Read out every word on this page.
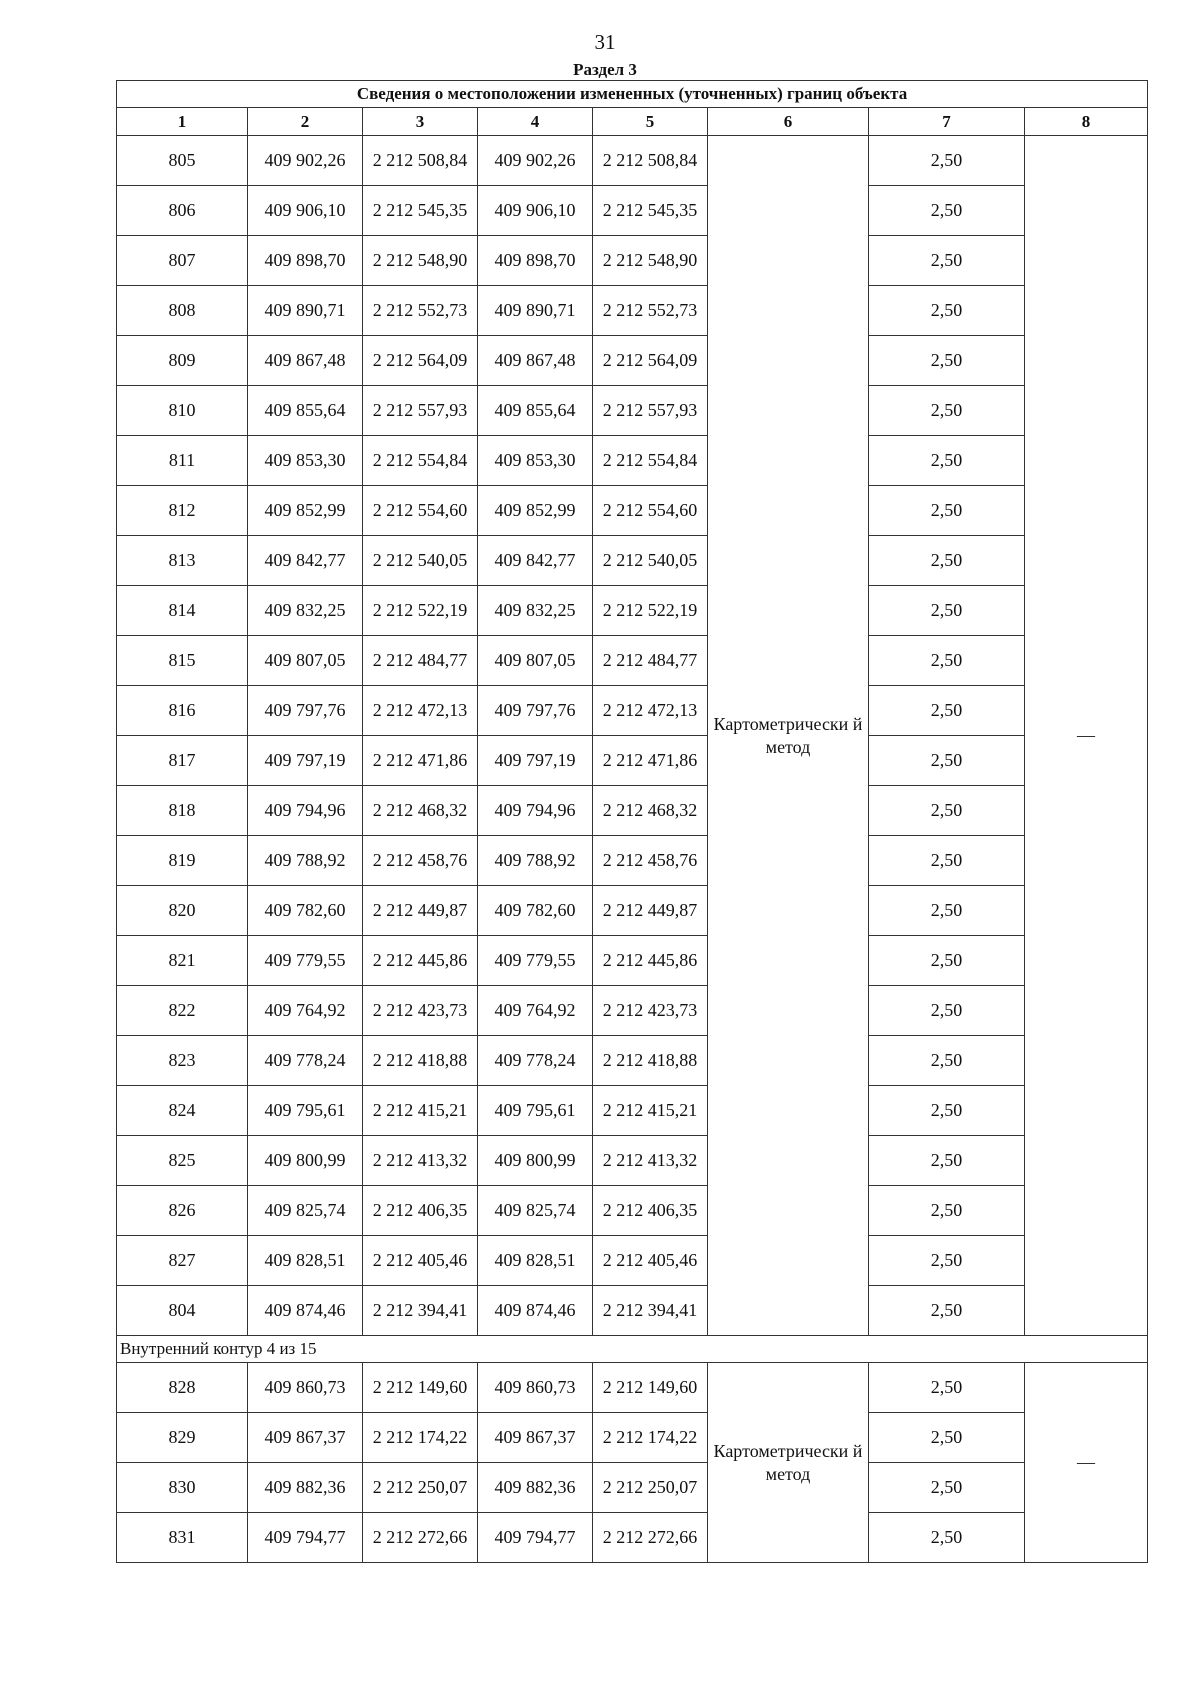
31
Раздел 3
Сведения о местоположении измененных (уточненных) границ объекта							
1	2	3	4	5	6	7	8
805	409 902,26	2 212 508,84	409 902,26	2 212 508,84	Картометрически й метод	2,50	—
806	409 906,10	2 212 545,35	409 906,10	2 212 545,35		2,50	
807	409 898,70	2 212 548,90	409 898,70	2 212 548,90		2,50	
808	409 890,71	2 212 552,73	409 890,71	2 212 552,73		2,50	
809	409 867,48	2 212 564,09	409 867,48	2 212 564,09		2,50	
810	409 855,64	2 212 557,93	409 855,64	2 212 557,93		2,50	
811	409 853,30	2 212 554,84	409 853,30	2 212 554,84		2,50	
812	409 852,99	2 212 554,60	409 852,99	2 212 554,60		2,50	
813	409 842,77	2 212 540,05	409 842,77	2 212 540,05		2,50	
814	409 832,25	2 212 522,19	409 832,25	2 212 522,19		2,50	
815	409 807,05	2 212 484,77	409 807,05	2 212 484,77		2,50	
816	409 797,76	2 212 472,13	409 797,76	2 212 472,13		2,50	
817	409 797,19	2 212 471,86	409 797,19	2 212 471,86		2,50	
818	409 794,96	2 212 468,32	409 794,96	2 212 468,32		2,50	
819	409 788,92	2 212 458,76	409 788,92	2 212 458,76		2,50	
820	409 782,60	2 212 449,87	409 782,60	2 212 449,87		2,50	
821	409 779,55	2 212 445,86	409 779,55	2 212 445,86		2,50	
822	409 764,92	2 212 423,73	409 764,92	2 212 423,73		2,50	
823	409 778,24	2 212 418,88	409 778,24	2 212 418,88		2,50	
824	409 795,61	2 212 415,21	409 795,61	2 212 415,21		2,50	
825	409 800,99	2 212 413,32	409 800,99	2 212 413,32		2,50	
826	409 825,74	2 212 406,35	409 825,74	2 212 406,35		2,50	
827	409 828,51	2 212 405,46	409 828,51	2 212 405,46		2,50	
804	409 874,46	2 212 394,41	409 874,46	2 212 394,41		2,50	
Внутренний контур 4 из 15							
828	409 860,73	2 212 149,60	409 860,73	2 212 149,60	Картометрически й метод	2,50	—
829	409 867,37	2 212 174,22	409 867,37	2 212 174,22		2,50	
830	409 882,36	2 212 250,07	409 882,36	2 212 250,07		2,50	
831	409 794,77	2 212 272,66	409 794,77	2 212 272,66		2,50	
